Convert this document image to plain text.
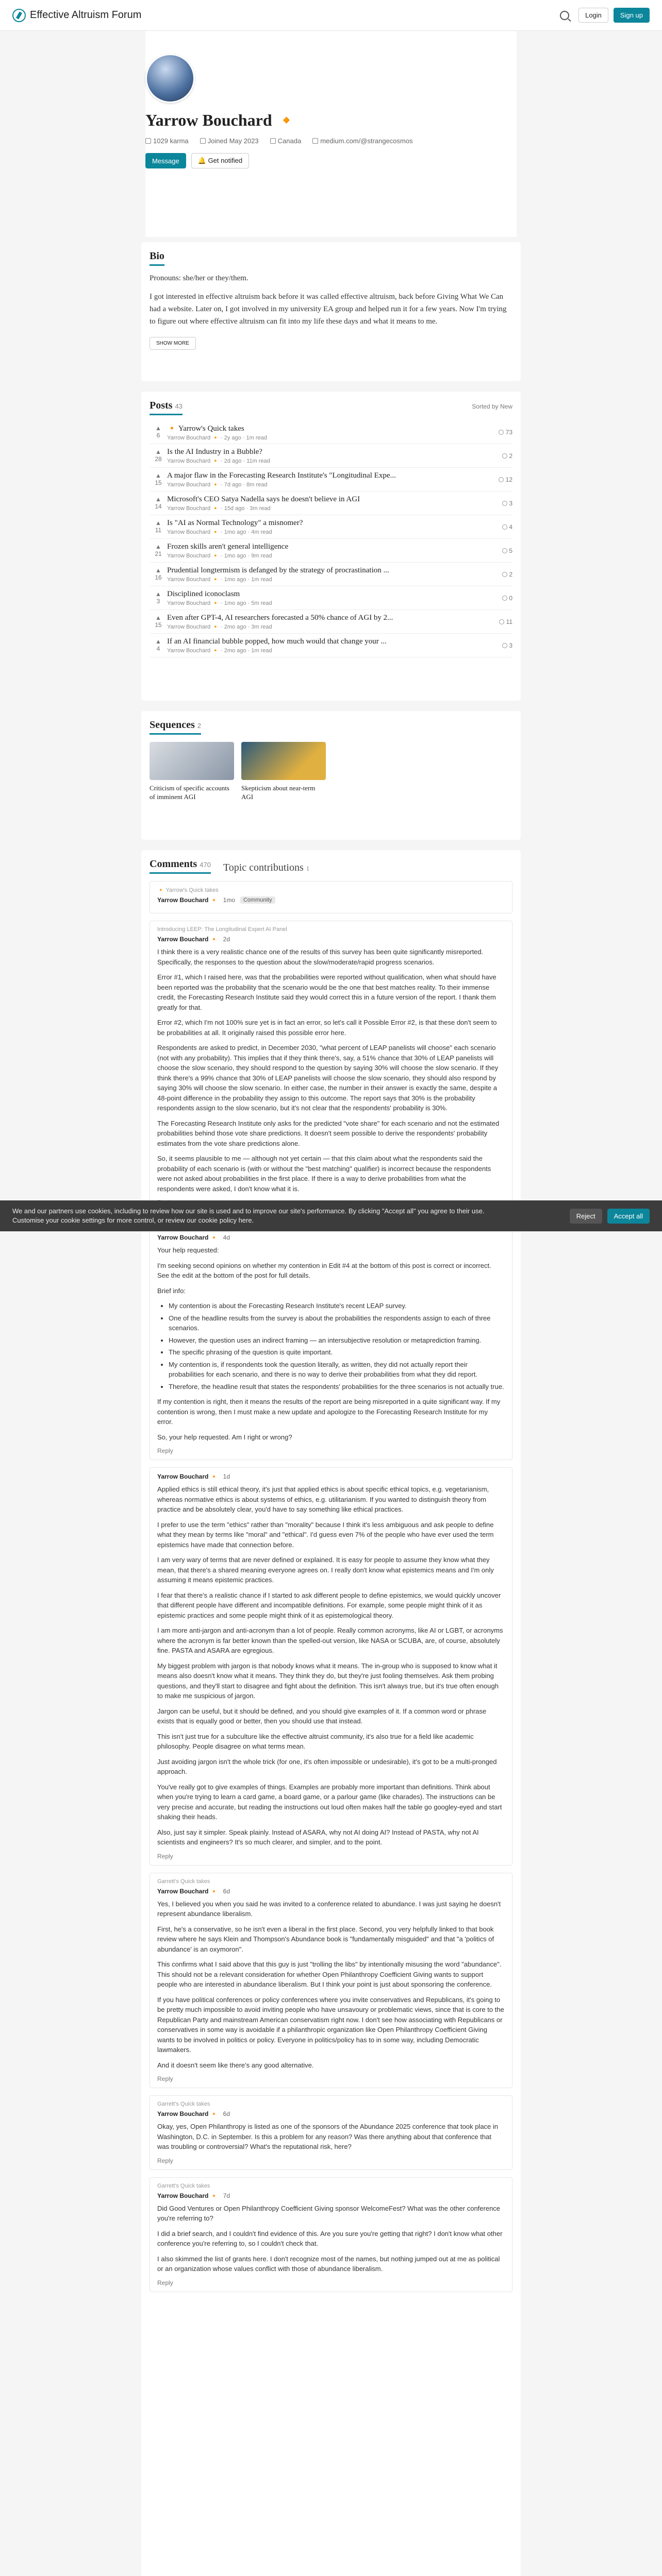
Effective Altruism Forum	Login	Sign up
Yarrow Bouchard 🔸
1029 karma	Joined May 2023	Canada	medium.com/@strangecosmos
Message	🔔 Get notified
Bio

Pronouns: she/her or they/them.

I got interested in effective altruism back before it was called effective altruism, back before Giving What We Can had a website. Later on, I got involved in my university EA group and helped run it for a few years. Now I'm trying to figure out where effective altruism can fit into my life these days and what it means to me.

SHOW MORE
Posts 43	Sorted by New
▲
6
🔸 Yarrow's Quick takes
Yarrow Bouchard 🔸 · 2y ago · 1m read
73
▲
28
Is the AI Industry in a Bubble?
Yarrow Bouchard 🔸 · 2d ago · 11m read
2
▲
15
A major flaw in the Forecasting Research Institute's "Longitudinal Expe...
Yarrow Bouchard 🔸 · 7d ago · 8m read
12
▲
14
Microsoft's CEO Satya Nadella says he doesn't believe in AGI
Yarrow Bouchard 🔸 · 15d ago · 3m read
3
▲
11
Is "AI as Normal Technology" a misnomer?
Yarrow Bouchard 🔸 · 1mo ago · 4m read
4
▲
21
Frozen skills aren't general intelligence
Yarrow Bouchard 🔸 · 1mo ago · 9m read
5
▲
16
Prudential longtermism is defanged by the strategy of procrastination ...
Yarrow Bouchard 🔸 · 1mo ago · 1m read
2
▲
3
Disciplined iconoclasm
Yarrow Bouchard 🔸 · 1mo ago · 5m read
0
▲
15
Even after GPT-4, AI researchers forecasted a 50% chance of AGI by 2...
Yarrow Bouchard 🔸 · 2mo ago · 3m read
11
▲
4
If an AI financial bubble popped, how much would that change your ...
Yarrow Bouchard 🔸 · 2mo ago · 1m read
3
Sequences 2
Criticism of specific accounts of imminent AGI
Skepticism about near-term AGI
Comments 470 Topic contributions 1
🔸 Yarrow's Quick takes
Yarrow Bouchard 🔸 1mo	Community
Introducing LEEP: The Longitudinal Expert AI Panel
Yarrow Bouchard 🔸 2d

I think there is a very realistic chance one of the results of this survey has been quite significantly misreported. Specifically, the responses to the question about the slow/moderate/rapid progress scenarios.

Error #1, which I raised here, was that the probabilities were reported without qualification, when what should have been reported was the probability that the scenario would be the one that best matches reality. To their immense credit, the Forecasting Research Institute said they would correct this in a future version of the report. I thank them greatly for that.

Error #2, which I'm not 100% sure yet is in fact an error, so let's call it Possible Error #2, is that these don't seem to be probabilities at all. It originally raised this possible error here.

Respondents are asked to predict, in December 2030, "what percent of LEAP panelists will choose" each scenario (not with any probability). This implies that if they think there's, say, a 51% chance that 30% of LEAP panelists will choose the slow scenario, they should respond to the question by saying 30% will choose the slow scenario. If they think there's a 99% chance that 30% of LEAP panelists will choose the slow scenario, they should also respond by saying 30% will choose the slow scenario. In either case, the number in their answer is exactly the same, despite a 48-point difference in the probability they assign to this outcome. The report says that 30% is the probability respondents assign to the slow scenario, but it's not clear that the respondents' probability is 30%.

The Forecasting Research Institute only asks for the predicted "vote share" for each scenario and not the estimated probabilities behind those vote share predictions. It doesn't seem possible to derive the respondents' probability estimates from the vote share predictions alone.

So, it seems plausible to me — although not yet certain — that this claim about what the respondents said the probability of each scenario is (with or without the "best matching" qualifier) is incorrect because the respondents were not asked about probabilities in the first place. If there is a way to derive probabilities from what the respondents were asked, I don't know what it is.

Yarrow Bouchard 🔸 4d

Your help requested:

I'm seeking second opinions on whether my contention in Edit #4 at the bottom of this post is correct or incorrect. See the edit at the bottom of the post for full details.

Brief info:

• My contention is about the Forecasting Research Institute's recent LEAP survey.
• One of the headline results from the survey is about the probabilities the respondents assign to each of three scenarios.
• However, the question uses an indirect framing — an intersubjective resolution or metaprediction framing.
• The specific phrasing of the question is quite important.
• My contention is, if respondents took the question literally, as written, they did not actually report their probabilities for each scenario, and there is no way to derive their probabilities from what they did report.
• Therefore, the headline result that states the respondents' probabilities for the three scenarios is not actually true.

If my contention is right, then it means the results of the report are being misreported in a quite significant way. If my contention is wrong, then I must make a new update and apologize to the Forecasting Research Institute for my error.

So, your help requested. Am I right or wrong?

Reply
Yarrow Bouchard 🔸 1d

Applied ethics is still ethical theory, it's just that applied ethics is about specific ethical topics, e.g. vegetarianism, whereas normative ethics is about systems of ethics, e.g. utilitarianism. If you wanted to distinguish theory from practice and be absolutely clear, you'd have to say something like ethical practices.

I prefer to use the term "ethics" rather than "morality" because I think it's less ambiguous and ask people to define what they mean by terms like "moral" and "ethical". I'd guess even 7% of the people who have ever used the term epistemics have made that connection before.

I am very wary of terms that are never defined or explained. It is easy for people to assume they know what they mean, that there's a shared meaning everyone agrees on. I really don't know what epistemics means and I'm only assuming it means epistemic practices.

I fear that there's a realistic chance if I started to ask different people to define epistemics, we would quickly uncover that different people have different and incompatible definitions. For example, some people might think of it as epistemic practices and some people might think of it as epistemological theory.

I am more anti-jargon and anti-acronym than a lot of people. Really common acronyms, like AI or LGBT, or acronyms where the acronym is far better known than the spelled-out version, like NASA or SCUBA, are, of course, absolutely fine. PASTA and ASARA are egregious.

My biggest problem with jargon is that nobody knows what it means. The in-group who is supposed to know what it means also doesn't know what it means. They think they do, but they're just fooling themselves. Ask them probing questions, and they'll start to disagree and fight about the definition. This isn't always true, but it's true often enough to make me suspicious of jargon.

Jargon can be useful, but it should be defined, and you should give examples of it. If a common word or phrase exists that is equally good or better, then you should use that instead.

This isn't just true for a subculture like the effective altruist community, it's also true for a field like academic philosophy. People disagree on what terms mean.

Just avoiding jargon isn't the whole trick (for one, it's often impossible or undesirable), it's got to be a multi-pronged approach.

You've really got to give examples of things. Examples are probably more important than definitions. Think about when you're trying to learn a card game, a board game, or a parlour game (like charades). The instructions can be very precise and accurate, but reading the instructions out loud often makes half the table go googley-eyed and start shaking their heads.

Also, just say it simpler. Speak plainly. Instead of ASARA, why not AI doing AI? Instead of PASTA, why not AI scientists and engineers? It's so much clearer, and simpler, and to the point.

Reply
Garrett's Quick takes
Yarrow Bouchard 🔸 6d

Yes, I believed you when you said he was invited to a conference related to abundance. I was just saying he doesn't represent abundance liberalism.

First, he's a conservative, so he isn't even a liberal in the first place. Second, you very helpfully linked to that book review where he says Klein and Thompson's Abundance book is "fundamentally misguided" and that "a 'politics of abundance' is an oxymoron".

This confirms what I said above that this guy is just "trolling the libs" by intentionally misusing the word "abundance". This should not be a relevant consideration for whether Open Philanthropy Coefficient Giving wants to support people who are interested in abundance liberalism. But I think your point is just about sponsoring the conference.

If you have political conferences or policy conferences where you invite conservatives and Republicans, it's going to be pretty much impossible to avoid inviting people who have unsavoury or problematic views, since that is core to the Republican Party and mainstream American conservatism right now. I don't see how associating with Republicans or conservatives in some way is avoidable if a philanthropic organization like Open Philanthropy Coefficient Giving wants to be involved in politics or policy. Everyone in politics/policy has to in some way, including Democratic lawmakers.

And it doesn't seem like there's any good alternative.

Reply
Garrett's Quick takes
Yarrow Bouchard 🔸 6d

Okay, yes, Open Philanthropy is listed as one of the sponsors of the Abundance 2025 conference that took place in Washington, D.C. in September. Is this a problem for any reason? Was there anything about that conference that was troubling or controversial? What's the reputational risk, here?

Reply
Garrett's Quick takes
Yarrow Bouchard 🔸 7d

Did Good Ventures or Open Philanthropy Coefficient Giving sponsor WelcomeFest? What was the other conference you're referring to?

I did a brief search, and I couldn't find evidence of this. Are you sure you're getting that right? I don't know what other conference you're referring to, so I couldn't check that.

I also skimmed the list of grants here. I don't recognize most of the names, but nothing jumped out at me as political or an organization whose values conflict with those of abundance liberalism.

Reply
We and our partners use cookies, including to review how our site is used and to improve our site's performance. By clicking "Accept all" you agree to their use. Customise your cookie settings for more control, or review our cookie policy here.
Reject	Accept all
